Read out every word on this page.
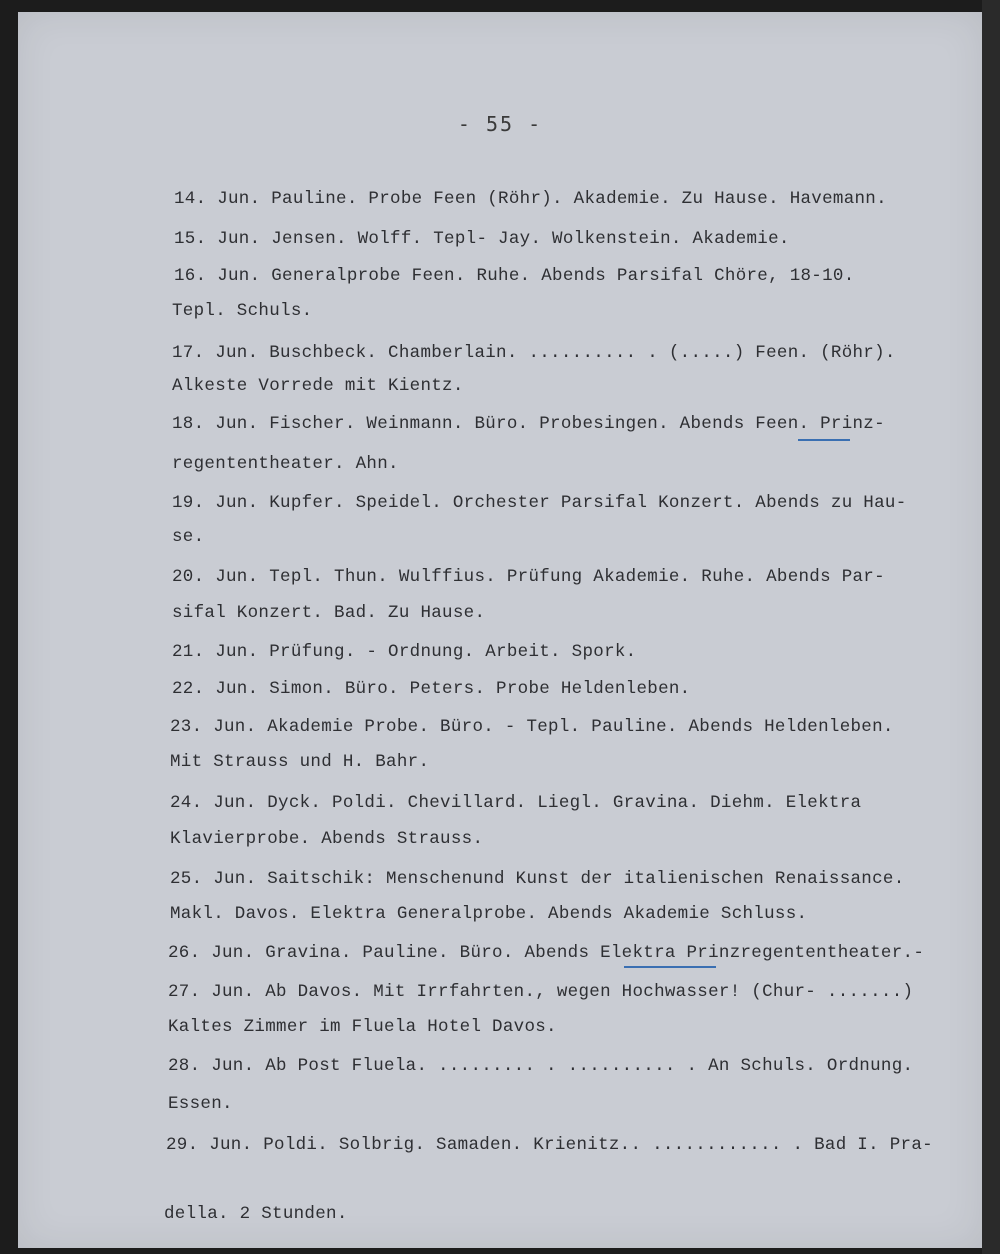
- 55 -
14. Jun. Pauline. Probe Feen (Röhr). Akademie. Zu Hause. Havemann.
15. Jun. Jensen. Wolff. Tepl- Jay. Wolkenstein. Akademie.
16. Jun. Generalprobe Feen. Ruhe. Abends Parsifal Chöre, 18-10.
Tepl. Schuls.
17. Jun. Buschbeck. Chamberlain. .......... . (.....) Feen. (Röhr).
Alkeste Vorrede mit Kientz.
18. Jun. Fischer. Weinmann. Büro. Probesingen. Abends Feen. Prinz-
regententheater. Ahn.
19. Jun. Kupfer. Speidel. Orchester Parsifal Konzert. Abends zu Hau-
se.
20. Jun. Tepl. Thun. Wulffius. Prüfung Akademie. Ruhe. Abends Par-
sifal Konzert. Bad. Zu Hause.
21. Jun. Prüfung. - Ordnung. Arbeit. Spork.
22. Jun. Simon. Büro. Peters. Probe Heldenleben.
23. Jun. Akademie Probe. Büro. - Tepl. Pauline. Abends Heldenleben.
Mit Strauss und H. Bahr.
24. Jun. Dyck. Poldi. Chevillard. Liegl. Gravina. Diehm. Elektra
Klavierprobe. Abends Strauss.
25. Jun. Saitschik: Menschenund Kunst der italienischen Renaissance.
Makl. Davos. Elektra Generalprobe. Abends Akademie Schluss.
26. Jun. Gravina. Pauline. Büro. Abends Elektra Prinzregententheater.-
27. Jun. Ab Davos. Mit Irrfahrten., wegen Hochwasser! (Chur- .......)
Kaltes Zimmer im Fluela Hotel Davos.
28. Jun. Ab Post Fluela. ......... . .......... . An Schuls. Ordnung.
Essen.
29. Jun. Poldi. Solbrig. Samaden. Krienitz.. ............ . Bad I. Pra-
della. 2 Stunden.
